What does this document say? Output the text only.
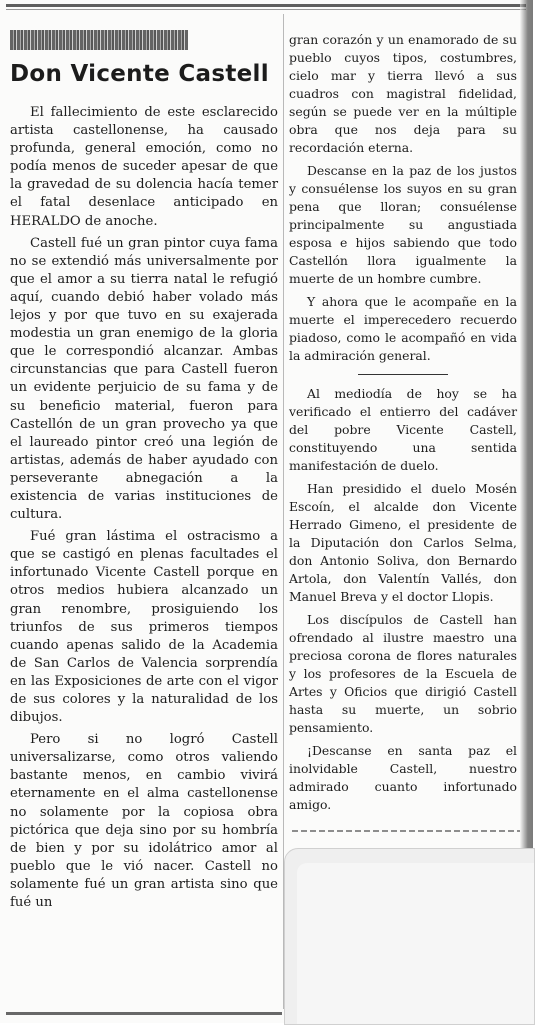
Don Vicente Castell

El fallecimiento de este esclarecido artista castellonense, ha causado profunda, general emoción, como no podía menos de suceder apesar de que la gravedad de su dolencia hacía temer el fatal desenlace anticipado en HERALDO de anoche.

Castell fué un gran pintor cuya fama no se extendió más universalmente por que el amor a su tierra natal le refugió aquí, cuando debió haber volado más lejos y por que tuvo en su exajerada modestia un gran enemigo de la gloria que le correspondió alcanzar. Ambas circunstancias que para Castell fueron un evidente perjuicio de su fama y de su beneficio material, fueron para Castellón de un gran provecho ya que el laureado pintor creó una legión de artistas, además de haber ayudado con perseverante abnegación a la existencia de varias instituciones de cultura.

Fué gran lástima el ostracismo a que se castigó en plenas facultades el infortunado Vicente Castell porque en otros medios hubiera alcanzado un gran renombre, prosiguiendo los triunfos de sus primeros tiempos cuando apenas salido de la Academia de San Carlos de Valencia sorprendía en las Exposiciones de arte con el vigor de sus colores y la naturalidad de los dibujos.

Pero si no logró Castell universalizarse, como otros valiendo bastante menos, en cambio vivirá eternamente en el alma castellonense no solamente por la copiosa obra pictórica que deja sino por su hombría de bien y por su idolátrico amor al pueblo que le vió nacer. Castell no solamente fué un gran artista sino que fué un

gran corazón y un enamorado de su pueblo cuyos tipos, costumbres, cielo mar y tierra llevó a sus cuadros con magistral fidelidad, según se puede ver en la múltiple obra que nos deja para su recordación eterna.

Descanse en la paz de los justos y consuélense los suyos en su gran pena que lloran; consuélense principalmente su angustiada esposa e hijos sabiendo que todo Castellón llora igualmente la muerte de un hombre cumbre.

Y ahora que le acompañe en la muerte el imperecedero recuerdo piadoso, como le acompañó en vida la admiración general.

Al mediodía de hoy se ha verificado el entierro del cadáver del pobre Vicente Castell, constituyendo una sentida manifestación de duelo.

Han presidido el duelo Mosén Escoín, el alcalde don Vicente Herrado Gimeno, el presidente de la Diputación don Carlos Selma, don Antonio Soliva, don Bernardo Artola, don Valentín Vallés, don Manuel Breva y el doctor Llopis.

Los discípulos de Castell han ofrendado al ilustre maestro una preciosa corona de flores naturales y los profesores de la Escuela de Artes y Oficios que dirigió Castell hasta su muerte, un sobrio pensamiento.

¡Descanse en santa paz el inolvidable Castell, nuestro admirado cuanto infortunado amigo.
